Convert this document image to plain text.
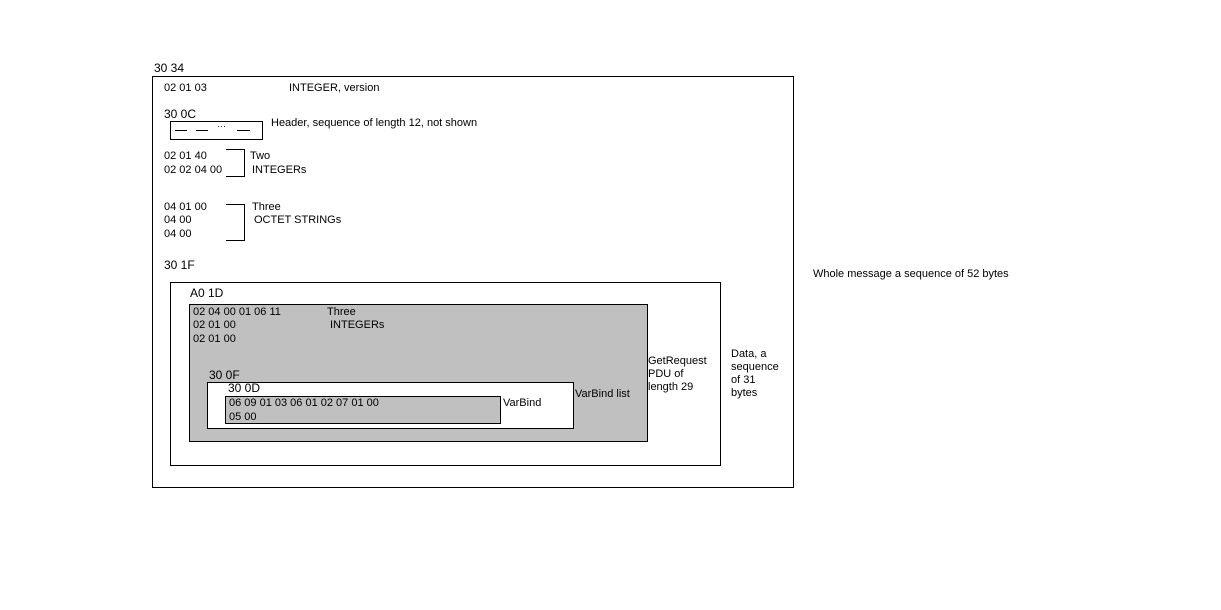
30 34
Whole message a sequence of 52 bytes
02 01 03	INTEGER, version
30 0C
···	Header, sequence of length 12, not shown
02 01 40
02 02 04 00
Two
INTEGERs
04 01 00
04 00
04 00
Three
OCTET STRINGs
30 1F
Data, a
sequence
of 31
bytes
A0 1D
02 04 00 01 06 11
02 01 00
02 01 00
Three
INTEGERs
GetRequest
PDU of
length 29
30 0F
VarBind list
30 0D
06 09 01 03 06 01 02 07 01 00
05 00
VarBind
